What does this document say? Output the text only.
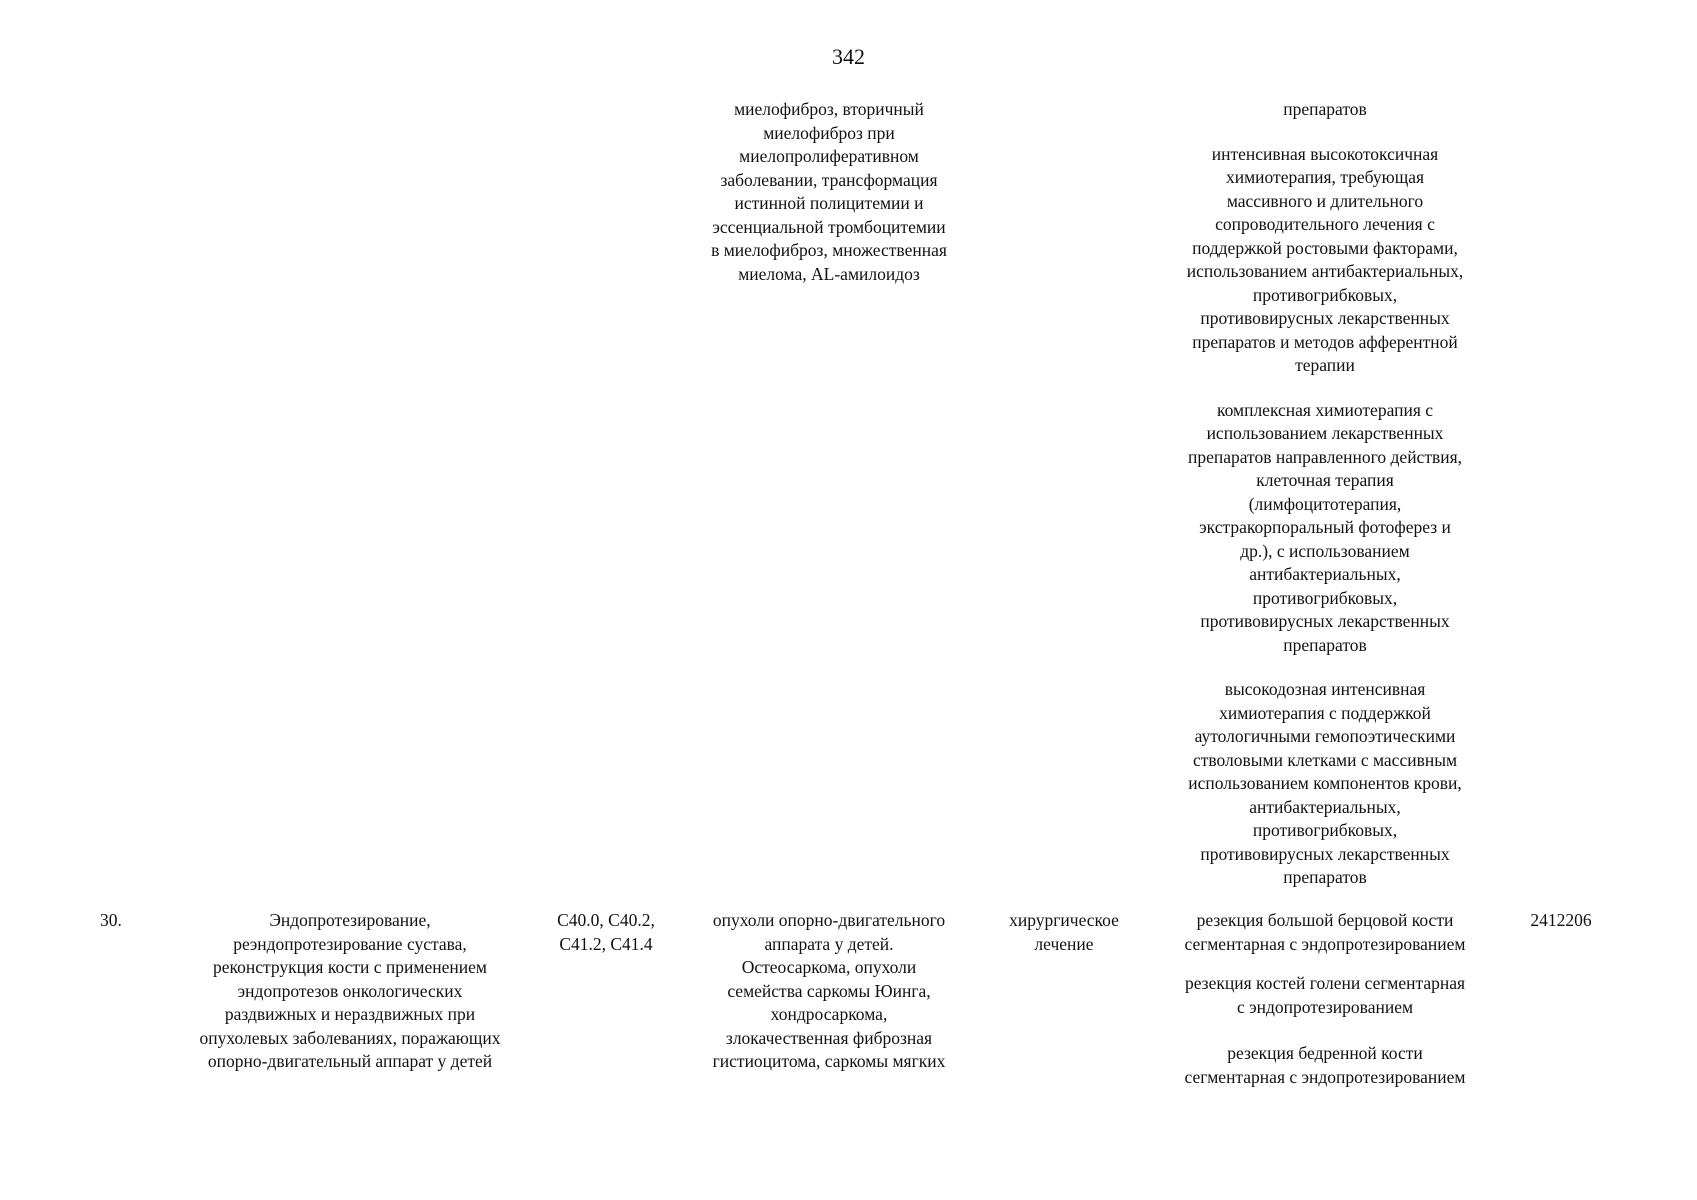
342
миелофиброз, вторичный
миелофиброз при
миелопролиферативном
заболевании, трансформация
истинной полицитемии и
эссенциальной тромбоцитемии
в миелофиброз, множественная
миелома, AL-амилоидоз
препаратов
интенсивная высокотоксичная
химиотерапия, требующая
массивного и длительного
сопроводительного лечения с
поддержкой ростовыми факторами,
использованием антибактериальных,
противогрибковых,
противовирусных лекарственных
препаратов и методов афферентной
терапии
комплексная химиотерапия с
использованием лекарственных
препаратов направленного действия,
клеточная терапия
(лимфоцитотерапия,
экстракорпоральный фотоферез и
др.), с использованием
антибактериальных,
противогрибковых,
противовирусных лекарственных
препаратов
высокодозная интенсивная
химиотерапия с поддержкой
аутологичными гемопоэтическими
стволовыми клетками с массивным
использованием компонентов крови,
антибактериальных,
противогрибковых,
противовирусных лекарственных
препаратов
30.	Эндопротезирование,
реэндопротезирование сустава,
реконструкция кости с применением
эндопротезов онкологических
раздвижных и нераздвижных при
опухолевых заболеваниях, поражающих
опорно-двигательный аппарат у детей
C40.0, C40.2,
C41.2, C41.4
опухоли опорно-двигательного
аппарата у детей.
Остеосаркома, опухоли
семейства саркомы Юинга,
хондросаркома,
злокачественная фиброзная
гистиоцитома, саркомы мягких
хирургическое
лечение
резекция большой берцовой кости
сегментарная с эндопротезированием
резекция костей голени сегментарная
с эндопротезированием
резекция бедренной кости
сегментарная с эндопротезированием
2412206
